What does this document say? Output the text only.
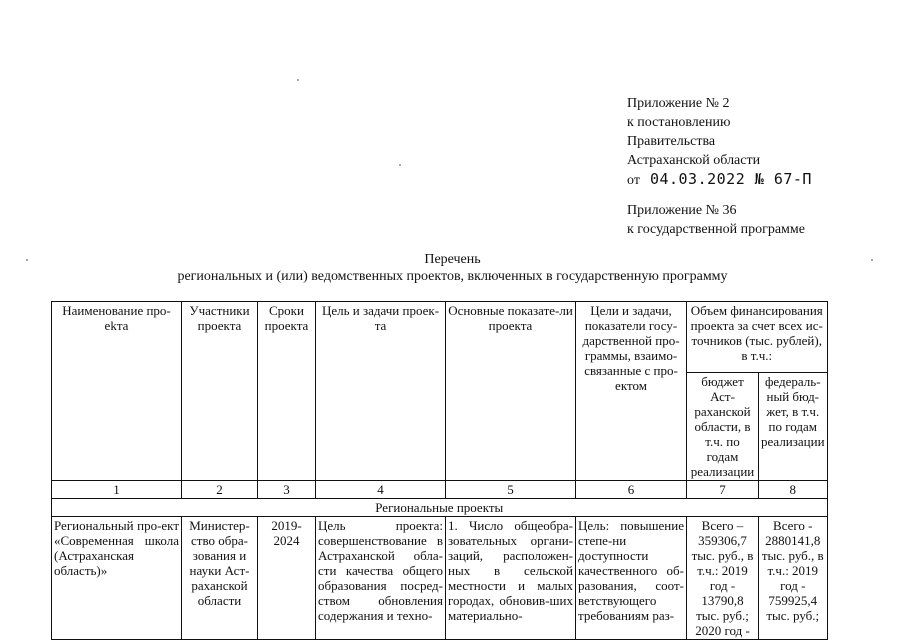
Приложение № 2
к постановлению
Правительства
Астраханской области
от 04.03.2022 № 67-П
Приложение № 36
к государственной программе
Перечень
региональных и (или) ведомственных проектов, включенных в государственную программу
Наименование про-ekта	Участники проекта	Сроки проекта	Цель и задачи проек-та	Основные показате-ли проекта	Цели и задачи, показатели госу-дарственной про-граммы, взаимо-связанные с про-ектом	Объем финансирования проекта за счет всех ис-точников (тыс. рублей), в т.ч.:	
						бюджет Аст-раханской области, в т.ч. по годам реализации	федераль-ный бюд-жет, в т.ч. по годам реализации
1	2	3	4	5	6	7	8
Региональные проекты							
Региональный про-ект «Современная школа (Астраханская область)»	Министер-ство обра-зования и науки Аст-раханской области	2019-2024	Цель проекта: совершенствование в Астраханской обла-сти качества общего образования посред-ством обновления содержания и техно-	1. Число общеобра-зовательных органи-заций, расположен-ных в сельской местности и малых городах, обновив-ших материально-	Цель: повышение степе-ни доступности качественного об-разования, соот-ветствующего требованиям раз-	Всего – 359306,7 тыс. руб., в т.ч.: 2019 год - 13790,8 тыс. руб.; 2020 год -	Всего - 2880141,8 тыс. руб., в т.ч.: 2019 год - 759925,4 тыс. руб.;
